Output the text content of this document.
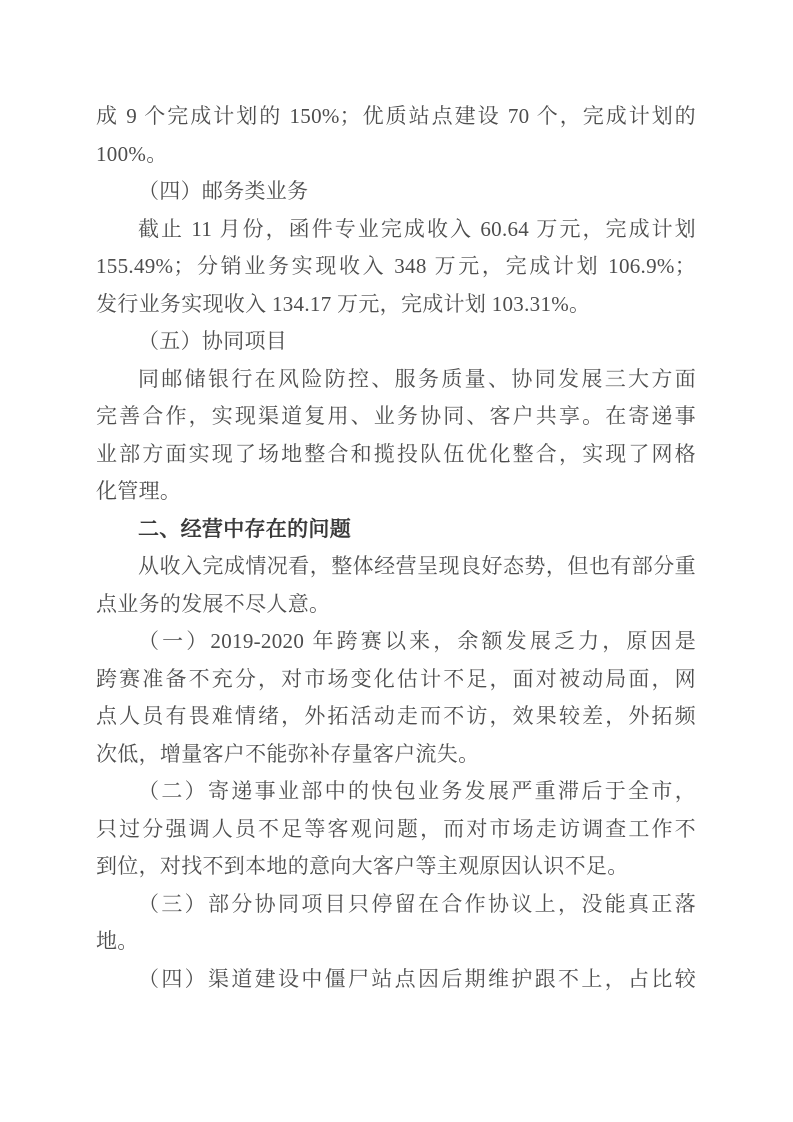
成 9 个完成计划的 150%；优质站点建设 70 个，完成计划的
100%。
（四）邮务类业务
截止 11 月份，函件专业完成收入 60.64 万元，完成计划
155.49%；分销业务实现收入 348 万元，完成计划 106.9%；
发行业务实现收入 134.17 万元，完成计划 103.31%。
（五）协同项目
同邮储银行在风险防控、服务质量、协同发展三大方面
完善合作，实现渠道复用、业务协同、客户共享。在寄递事
业部方面实现了场地整合和揽投队伍优化整合，实现了网格
化管理。
二、经营中存在的问题
从收入完成情况看，整体经营呈现良好态势，但也有部分重
点业务的发展不尽人意。
（一）2019-2020 年跨赛以来，余额发展乏力，原因是
跨赛准备不充分，对市场变化估计不足，面对被动局面，网
点人员有畏难情绪，外拓活动走而不访，效果较差，外拓频
次低，增量客户不能弥补存量客户流失。
（二）寄递事业部中的快包业务发展严重滞后于全市，
只过分强调人员不足等客观问题，而对市场走访调查工作不
到位，对找不到本地的意向大客户等主观原因认识不足。
（三）部分协同项目只停留在合作协议上，没能真正落
地。
（四）渠道建设中僵尸站点因后期维护跟不上，占比较
